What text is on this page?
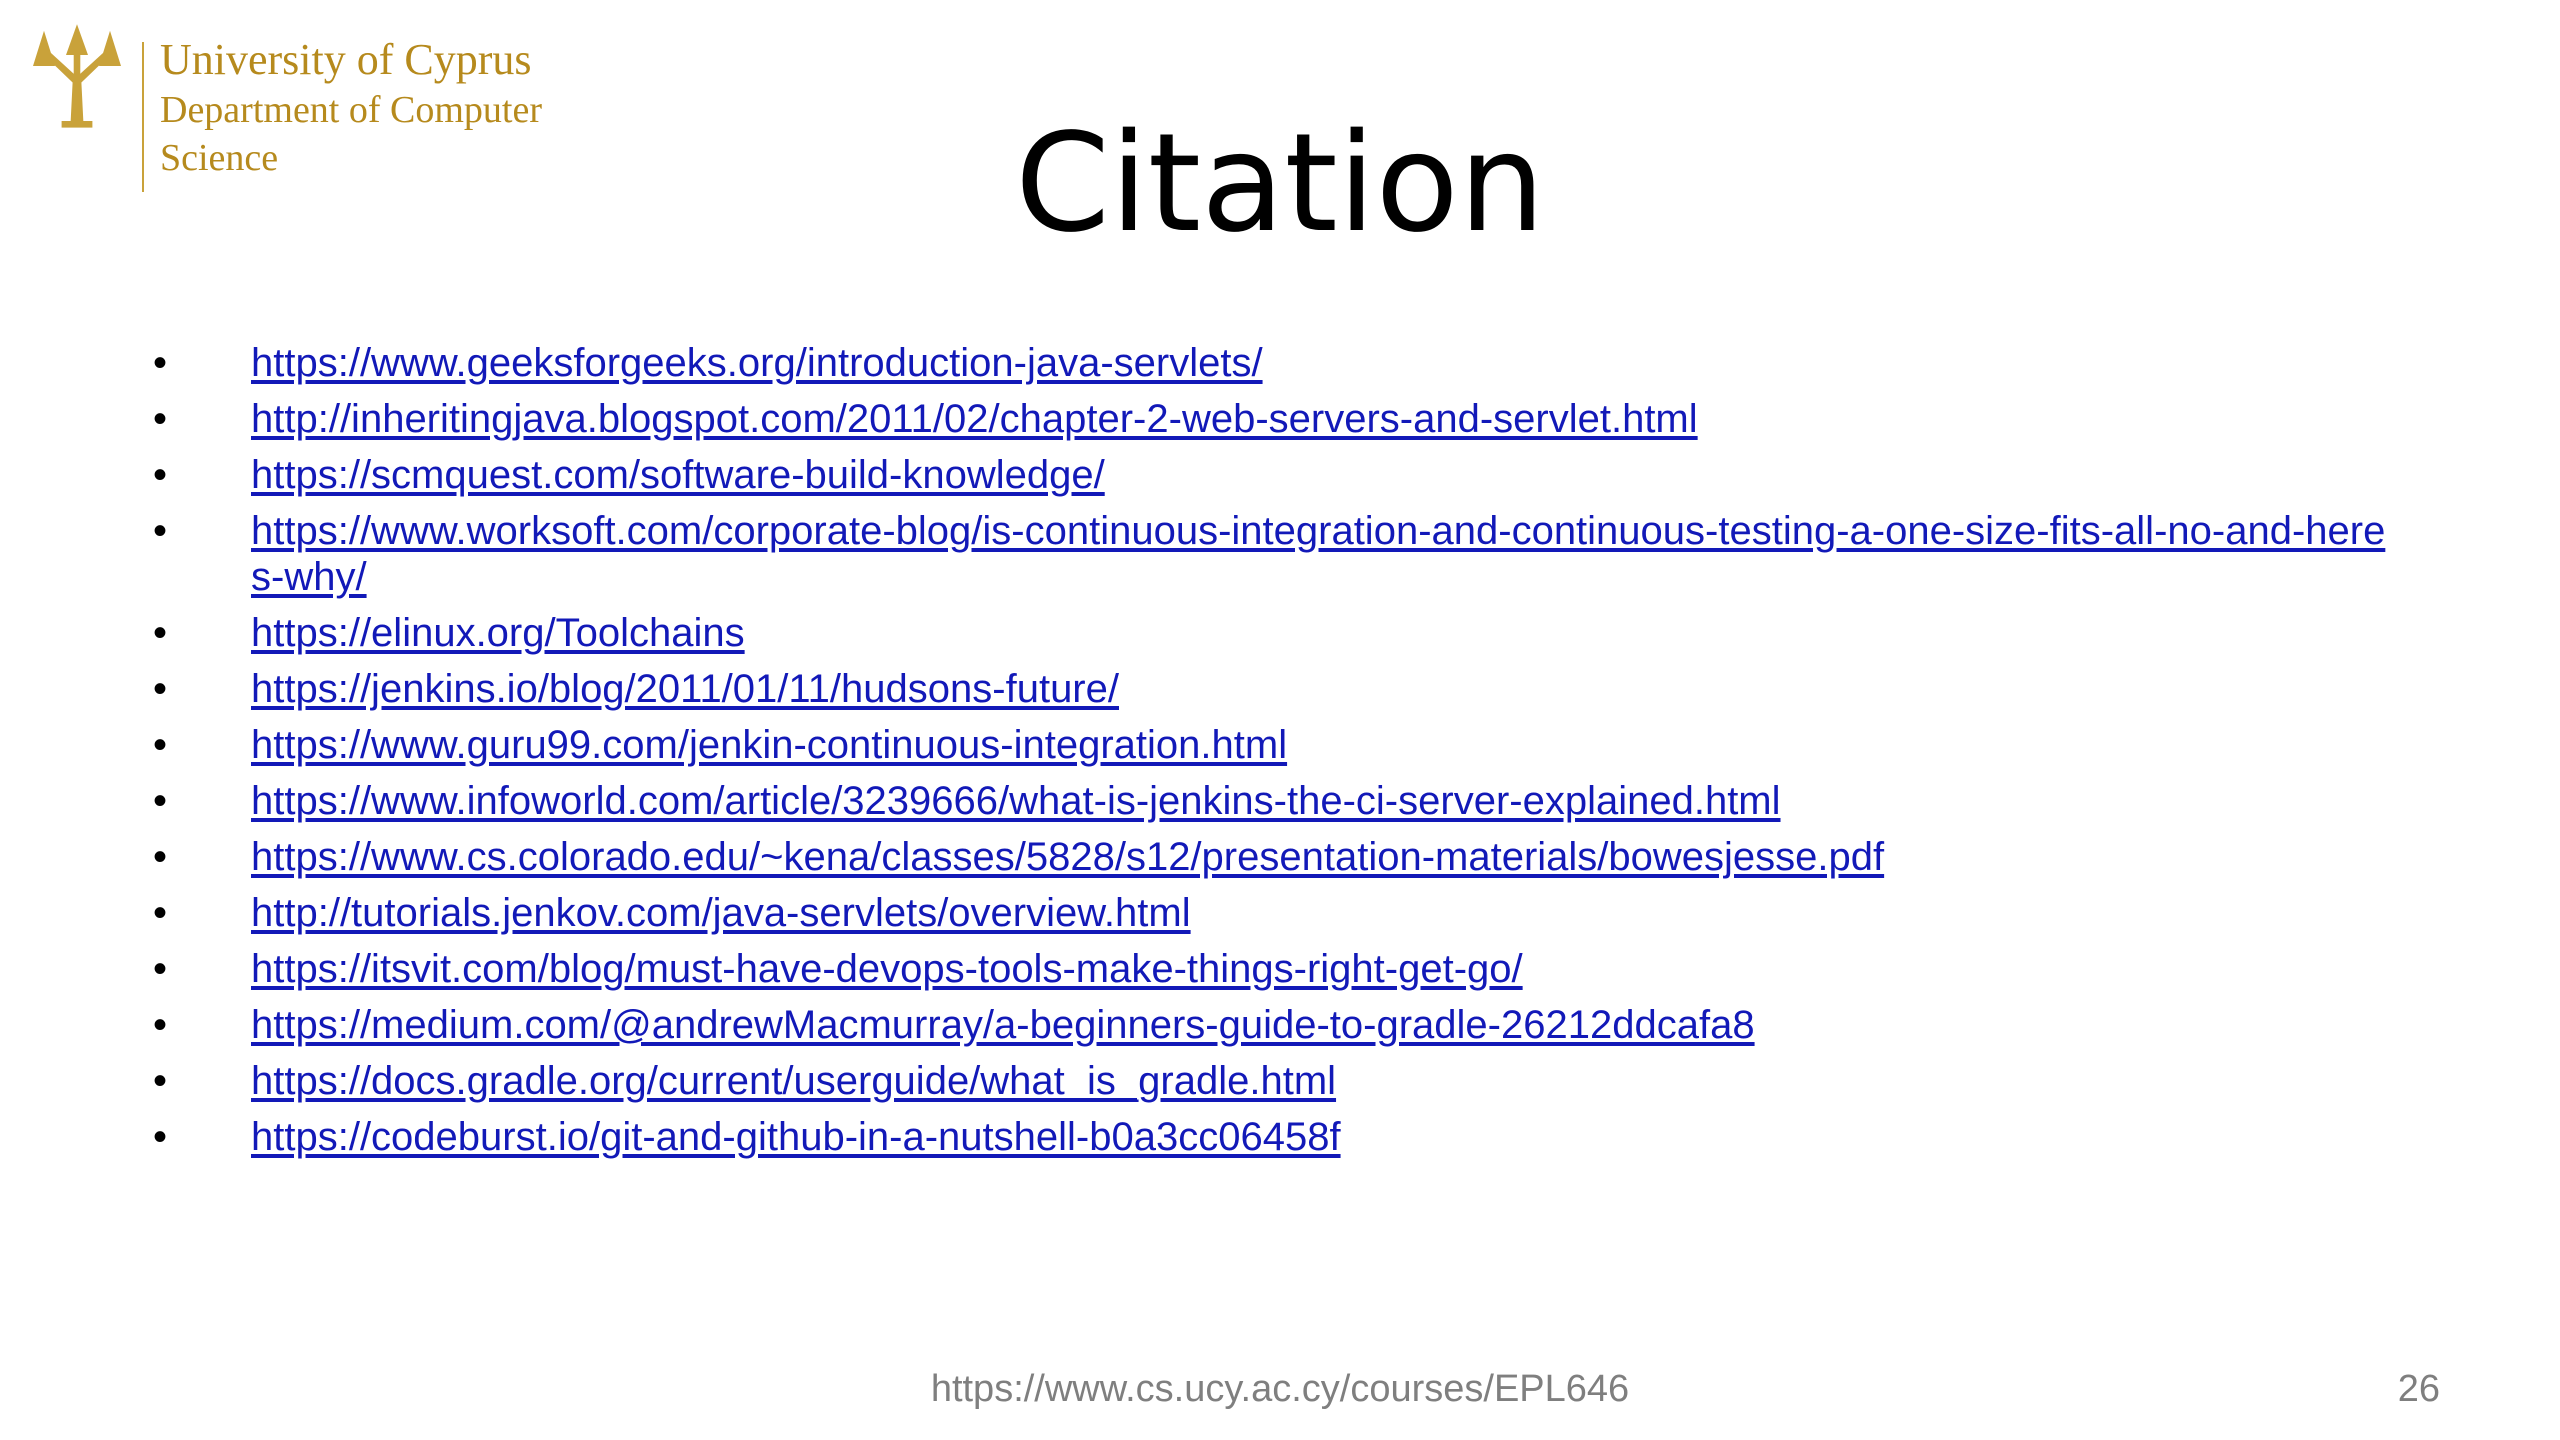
University of Cyprus
Department of Computer
Science	Citation
• https://www.geeksforgeeks.org/introduction-java-servlets/
• http://inheritingjava.blogspot.com/2011/02/chapter-2-web-servers-and-servlet.html
• https://scmquest.com/software-build-knowledge/
• https://www.worksoft.com/corporate-blog/is-continuous-integration-and-continuous-testing-a-one-size-fits-all-no-and-heres-why/
• https://elinux.org/Toolchains
• https://jenkins.io/blog/2011/01/11/hudsons-future/
• https://www.guru99.com/jenkin-continuous-integration.html
• https://www.infoworld.com/article/3239666/what-is-jenkins-the-ci-server-explained.html
• https://www.cs.colorado.edu/~kena/classes/5828/s12/presentation-materials/bowesjesse.pdf
• http://tutorials.jenkov.com/java-servlets/overview.html
• https://itsvit.com/blog/must-have-devops-tools-make-things-right-get-go/
• https://medium.com/@andrewMacmurray/a-beginners-guide-to-gradle-26212ddcafa8
• https://docs.gradle.org/current/userguide/what_is_gradle.html
• https://codeburst.io/git-and-github-in-a-nutshell-b0a3cc06458f
https://www.cs.ucy.ac.cy/courses/EPL646	26
